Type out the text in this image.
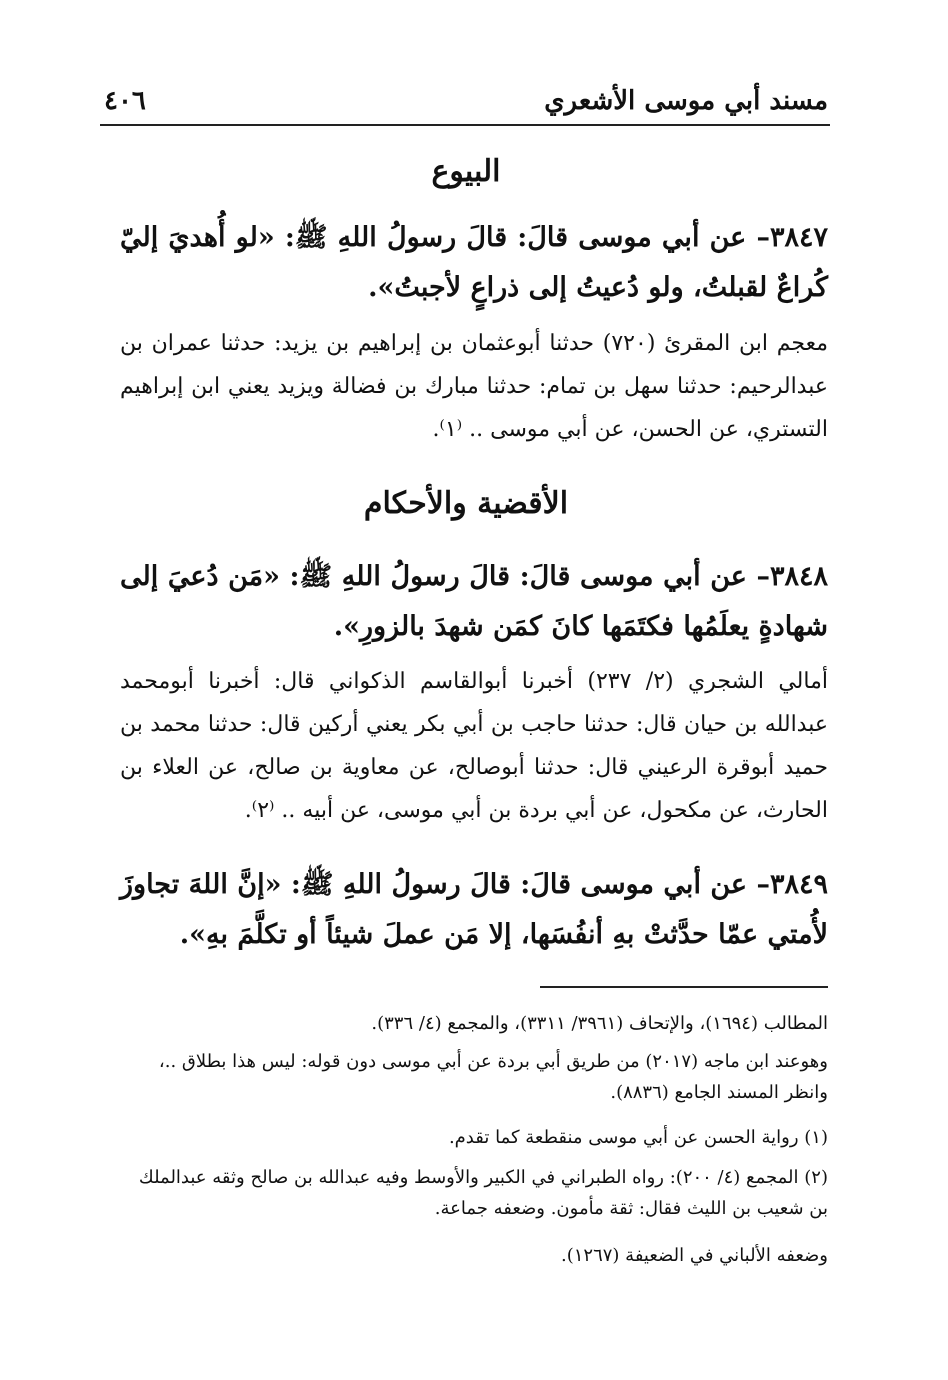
مسند أبي موسى الأشعري
٤٠٦
البيوع
٣٨٤٧– عن أبي موسى قالَ: قالَ رسولُ اللهِ ﷺ: «لو أُهديَ إليّ كُراعٌ لقبلتُ، ولو دُعيتُ إلى ذراعٍ لأجبتُ».
معجم ابن المقرئ (٧٢٠) حدثنا أبوعثمان بن إبراهيم بن يزيد: حدثنا عمران بن عبدالرحيم: حدثنا سهل بن تمام: حدثنا مبارك بن فضالة ويزيد يعني ابن إبراهيم التستري، عن الحسن، عن أبي موسى .. ⁽١⁾.
الأقضية والأحكام
٣٨٤٨– عن أبي موسى قالَ: قالَ رسولُ اللهِ ﷺ: «مَن دُعيَ إلى شهادةٍ يعلَمُها فكتَمَها كانَ كمَن شهدَ بالزورِ».
أمالي الشجري (٢/ ٢٣٧) أخبرنا أبوالقاسم الذكواني قال: أخبرنا أبومحمد عبدالله بن حيان قال: حدثنا حاجب بن أبي بكر يعني أركين قال: حدثنا محمد بن حميد أبوقرة الرعيني قال: حدثنا أبوصالح، عن معاوية بن صالح، عن العلاء بن الحارث، عن مكحول، عن أبي بردة بن أبي موسى، عن أبيه .. ⁽٢⁾.
٣٨٤٩– عن أبي موسى قالَ: قالَ رسولُ اللهِ ﷺ: «إنَّ اللهَ تجاوزَ لأُمتي عمّا حدَّثتْ بهِ أنفُسَها، إلا مَن عملَ شيئاً أو تكلَّمَ بهِ».
المطالب (١٦٩٤)، والإتحاف (٣٩٦١/ ٣٣١١)، والمجمع (٤/ ٣٣٦).
وهوعند ابن ماجه (٢٠١٧) من طريق أبي بردة عن أبي موسى دون قوله: ليس هذا بطلاق ..، وانظر المسند الجامع (٨٨٣٦).
(١) رواية الحسن عن أبي موسى منقطعة كما تقدم.
(٢) المجمع (٤/ ٢٠٠): رواه الطبراني في الكبير والأوسط وفيه عبدالله بن صالح وثقه عبدالملك بن شعيب بن الليث فقال: ثقة مأمون. وضعفه جماعة.
وضعفه الألباني في الضعيفة (١٢٦٧).
